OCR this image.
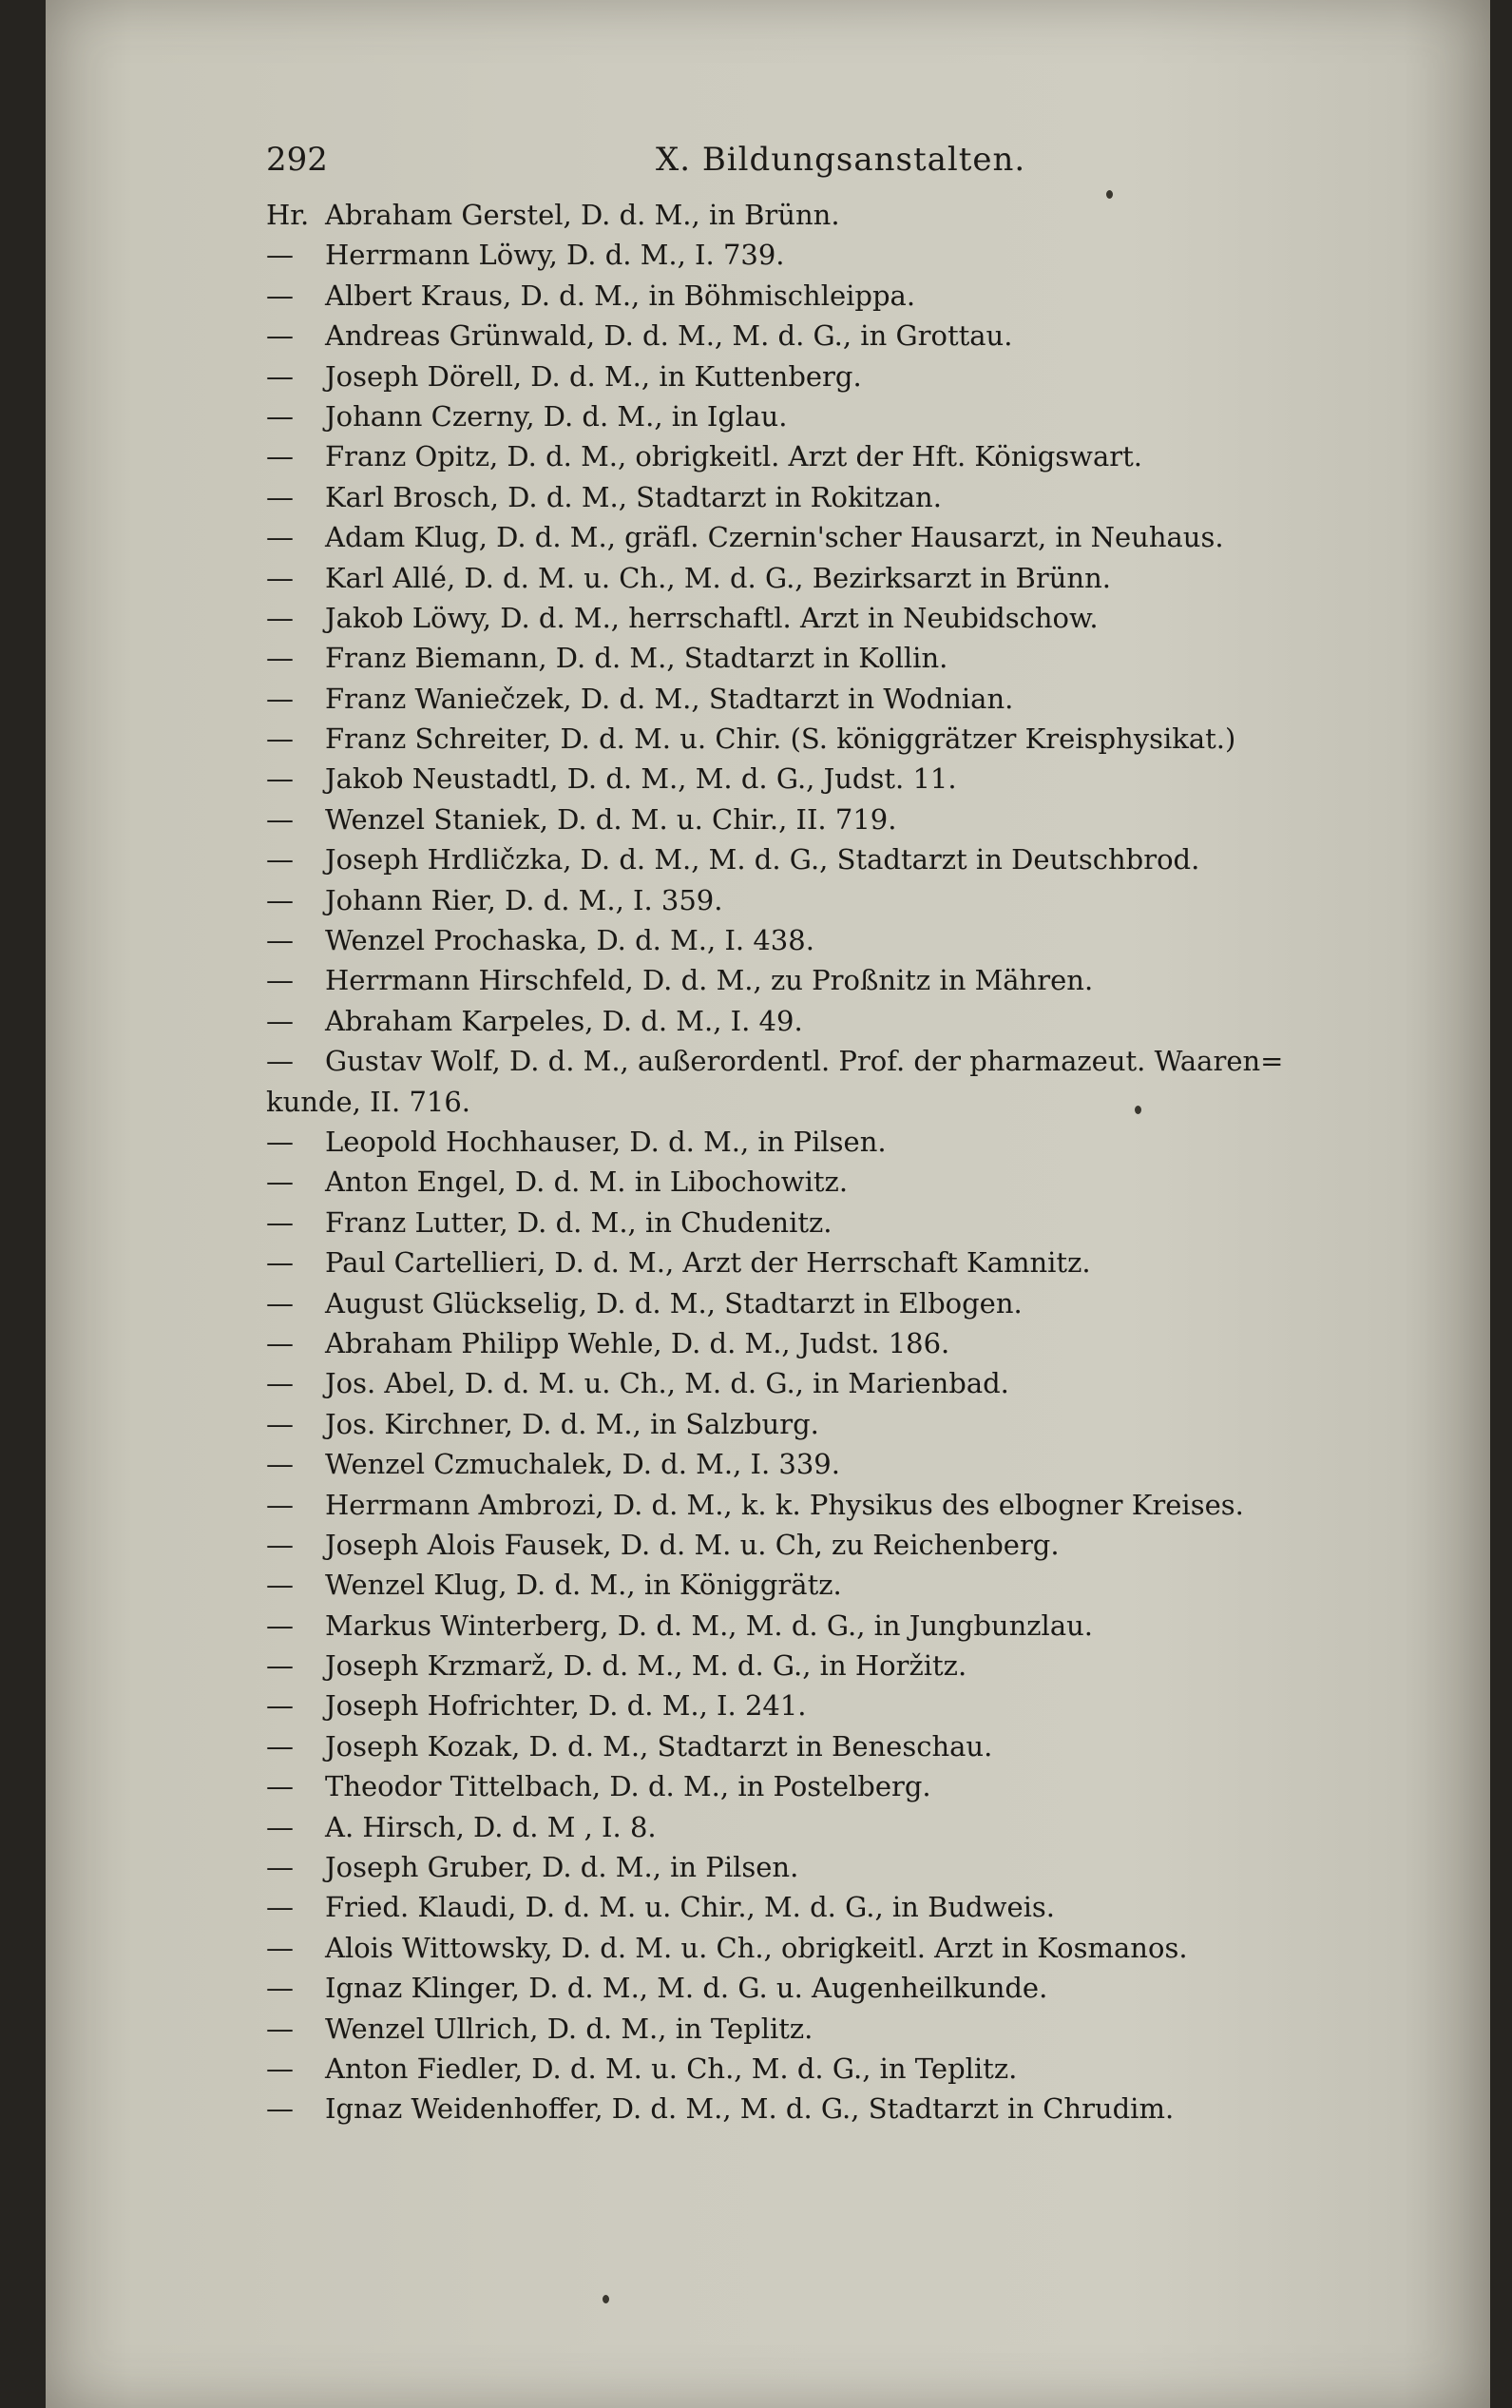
292	X. Bildungsanstalten.
Hr. Abraham Gerstel, D. d. M., in Brünn.
— Herrmann Löwy, D. d. M., I. 739.
— Albert Kraus, D. d. M., in Böhmischleippa.
— Andreas Grünwald, D. d. M., M. d. G., in Grottau.
— Joseph Dörell, D. d. M., in Kuttenberg.
— Johann Czerny, D. d. M., in Iglau.
— Franz Opitz, D. d. M., obrigkeitl. Arzt der Hft. Königswart.
— Karl Brosch, D. d. M., Stadtarzt in Rokitzan.
— Adam Klug, D. d. M., gräfl. Czernin'scher Hausarzt, in Neuhaus.
— Karl Allé, D. d. M. u. Ch., M. d. G., Bezirksarzt in Brünn.
— Jakob Löwy, D. d. M., herrschaftl. Arzt in Neubidschow.
— Franz Biemann, D. d. M., Stadtarzt in Kollin.
— Franz Waniečzek, D. d. M., Stadtarzt in Wodnian.
— Franz Schreiter, D. d. M. u. Chir. (S. königgrätzer Kreisphysikat.)
— Jakob Neustadtl, D. d. M., M. d. G., Judst. 11.
— Wenzel Staniek, D. d. M. u. Chir., II. 719.
— Joseph Hrdličzka, D. d. M., M. d. G., Stadtarzt in Deutschbrod.
— Johann Rier, D. d. M., I. 359.
— Wenzel Prochaska, D. d. M., I. 438.
— Herrmann Hirschfeld, D. d. M., zu Proßnitz in Mähren.
— Abraham Karpeles, D. d. M., I. 49.
— Gustav Wolf, D. d. M., außerordentl. Prof. der pharmazeut. Waaren=
kunde, II. 716.
— Leopold Hochhauser, D. d. M., in Pilsen.
— Anton Engel, D. d. M. in Libochowitz.
— Franz Lutter, D. d. M., in Chudenitz.
— Paul Cartellieri, D. d. M., Arzt der Herrschaft Kamnitz.
— August Glückselig, D. d. M., Stadtarzt in Elbogen.
— Abraham Philipp Wehle, D. d. M., Judst. 186.
— Jos. Abel, D. d. M. u. Ch., M. d. G., in Marienbad.
— Jos. Kirchner, D. d. M., in Salzburg.
— Wenzel Czmuchalek, D. d. M., I. 339.
— Herrmann Ambrozi, D. d. M., k. k. Physikus des elbogner Kreises.
— Joseph Alois Fausek, D. d. M. u. Ch, zu Reichenberg.
— Wenzel Klug, D. d. M., in Königgrätz.
— Markus Winterberg, D. d. M., M. d. G., in Jungbunzlau.
— Joseph Krzmarž, D. d. M., M. d. G., in Horžitz.
— Joseph Hofrichter, D. d. M., I. 241.
— Joseph Kozak, D. d. M., Stadtarzt in Beneschau.
— Theodor Tittelbach, D. d. M., in Postelberg.
— A. Hirsch, D. d. M , I. 8.
— Joseph Gruber, D. d. M., in Pilsen.
— Fried. Klaudi, D. d. M. u. Chir., M. d. G., in Budweis.
— Alois Wittowsky, D. d. M. u. Ch., obrigkeitl. Arzt in Kosmanos.
— Ignaz Klinger, D. d. M., M. d. G. u. Augenheilkunde.
— Wenzel Ullrich, D. d. M., in Teplitz.
— Anton Fiedler, D. d. M. u. Ch., M. d. G., in Teplitz.
— Ignaz Weidenhoffer, D. d. M., M. d. G., Stadtarzt in Chrudim.
